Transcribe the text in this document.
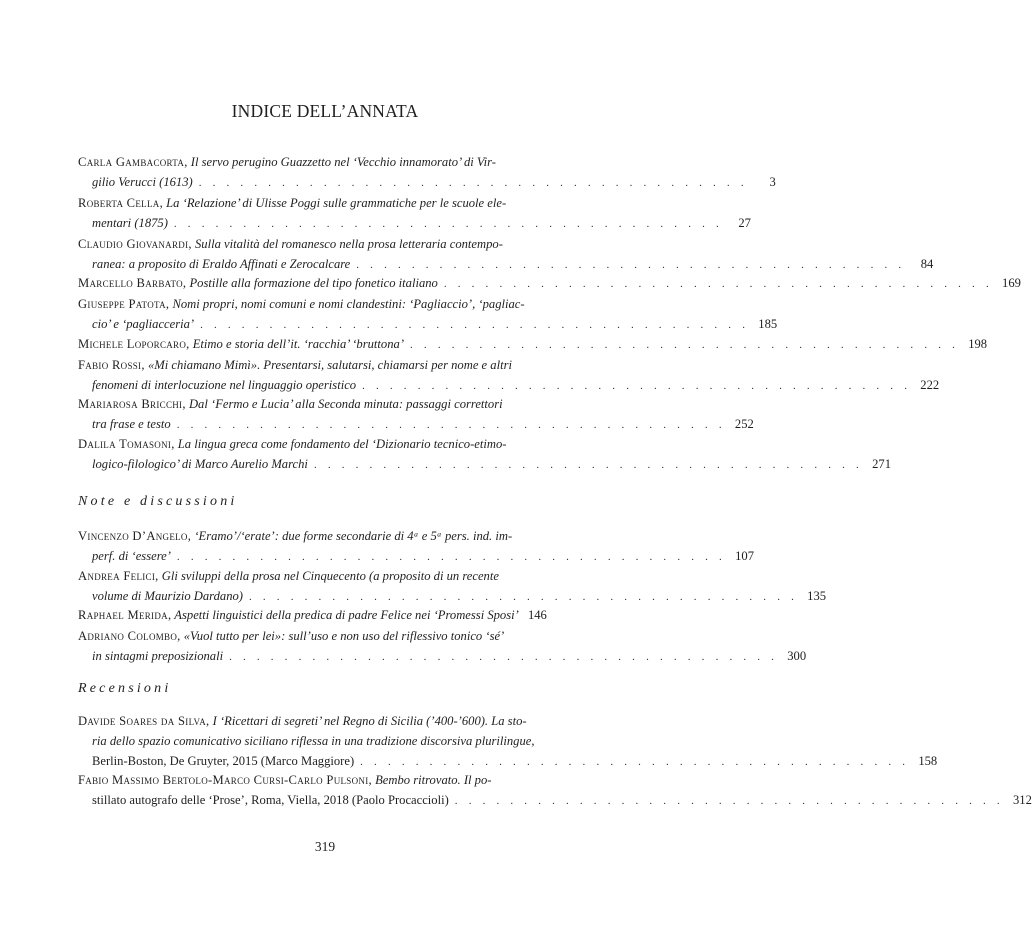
INDICE DELL’ANNATA
Carla Gambacorta, Il servo perugino Guazzetto nel ‘Vecchio innamorato’ di Vir-
gilio Verucci (1613) . . . . . . . . . . . . . . . . . . . . . . . . . . . . . . . . . . . . . . . .	3
Roberta Cella, La ‘Relazione’ di Ulisse Poggi sulle grammatiche per le scuole ele-
mentari (1875) . . . . . . . . . . . . . . . . . . . . . . . . . . . . . . . . . . . . . . . .	27
Claudio Giovanardi, Sulla vitalità del romanesco nella prosa letteraria contempo-
ranea: a proposito di Eraldo Affinati e Zerocalcare . . . . . . . . . . . . . . . . . . . . . . . . . . . . . . . . . . . . . . . .	84
Marcello Barbato, Postille alla formazione del tipo fonetico italiano . . . . . . . . . . . . . . . . . . . . . . . . . . . . . . . . . . . . . . . . 169
Giuseppe Patota, Nomi propri, nomi comuni e nomi clandestini: ‘Pagliaccio’, ‘pagliac-
cio’ e ‘pagliacceria’ . . . . . . . . . . . . . . . . . . . . . . . . . . . . . . . . . . . . . . . . 185
Michele Loporcaro, Etimo e storia dell’it. ‘racchia’ ‘bruttona’ . . . . . . . . . . . . . . . . . . . . . . . . . . . . . . . . . . . . . . . . 198
Fabio Rossi, «Mi chiamano Mimì». Presentarsi, salutarsi, chiamarsi per nome e altri
fenomeni di interlocuzione nel linguaggio operistico . . . . . . . . . . . . . . . . . . . . . . . . . . . . . . . . . . . . . . . . 222
Mariarosa Bricchi, Dal ‘Fermo e Lucia’ alla Seconda minuta: passaggi correttori
tra frase e testo . . . . . . . . . . . . . . . . . . . . . . . . . . . . . . . . . . . . . . . . 252
Dalila Tomasoni, La lingua greca come fondamento del ‘Dizionario tecnico-etimo-
logico-filologico’ di Marco Aurelio Marchi . . . . . . . . . . . . . . . . . . . . . . . . . . . . . . . . . . . . . . . . 271
Note e discussioni
Vincenzo D’Angelo, ‘Eramo’/‘erate’: due forme secondarie di 4ᵃ e 5ᵃ pers. ind. im-
perf. di ‘essere’ . . . . . . . . . . . . . . . . . . . . . . . . . . . . . . . . . . . . . . . . 107
Andrea Felici, Gli sviluppi della prosa nel Cinquecento (a proposito di un recente
volume di Maurizio Dardano) . . . . . . . . . . . . . . . . . . . . . . . . . . . . . . . . . . . . . . . . 135
Raphael Merida, Aspetti linguistici della predica di padre Felice nei ‘Promessi Sposi’ 146
Adriano Colombo, «Vuol tutto per lei»: sull’uso e non uso del riflessivo tonico ‘sé’
in sintagmi preposizionali . . . . . . . . . . . . . . . . . . . . . . . . . . . . . . . . . . . . . . . . 300
Recensioni
Davide Soares da Silva, I ‘Ricettari di segreti’ nel Regno di Sicilia (’400-’600). La sto-
ria dello spazio comunicativo siciliano riflessa in una tradizione discorsiva plurilingue,
Berlin-Boston, De Gruyter, 2015 (Marco Maggiore) . . . . . . . . . . . . . . . . . . . . . . . . . . . . . . . . . . . . . . . . 158
Fabio Massimo Bertolo-Marco Cursi-Carlo Pulsoni, Bembo ritrovato. Il po-
stillato autografo delle ‘Prose’, Roma, Viella, 2018 (Paolo Procaccioli) . . . . . . . . . . . . . . . . . . . . . . . . . . . . . . . . . . . . . . . . 312
319
